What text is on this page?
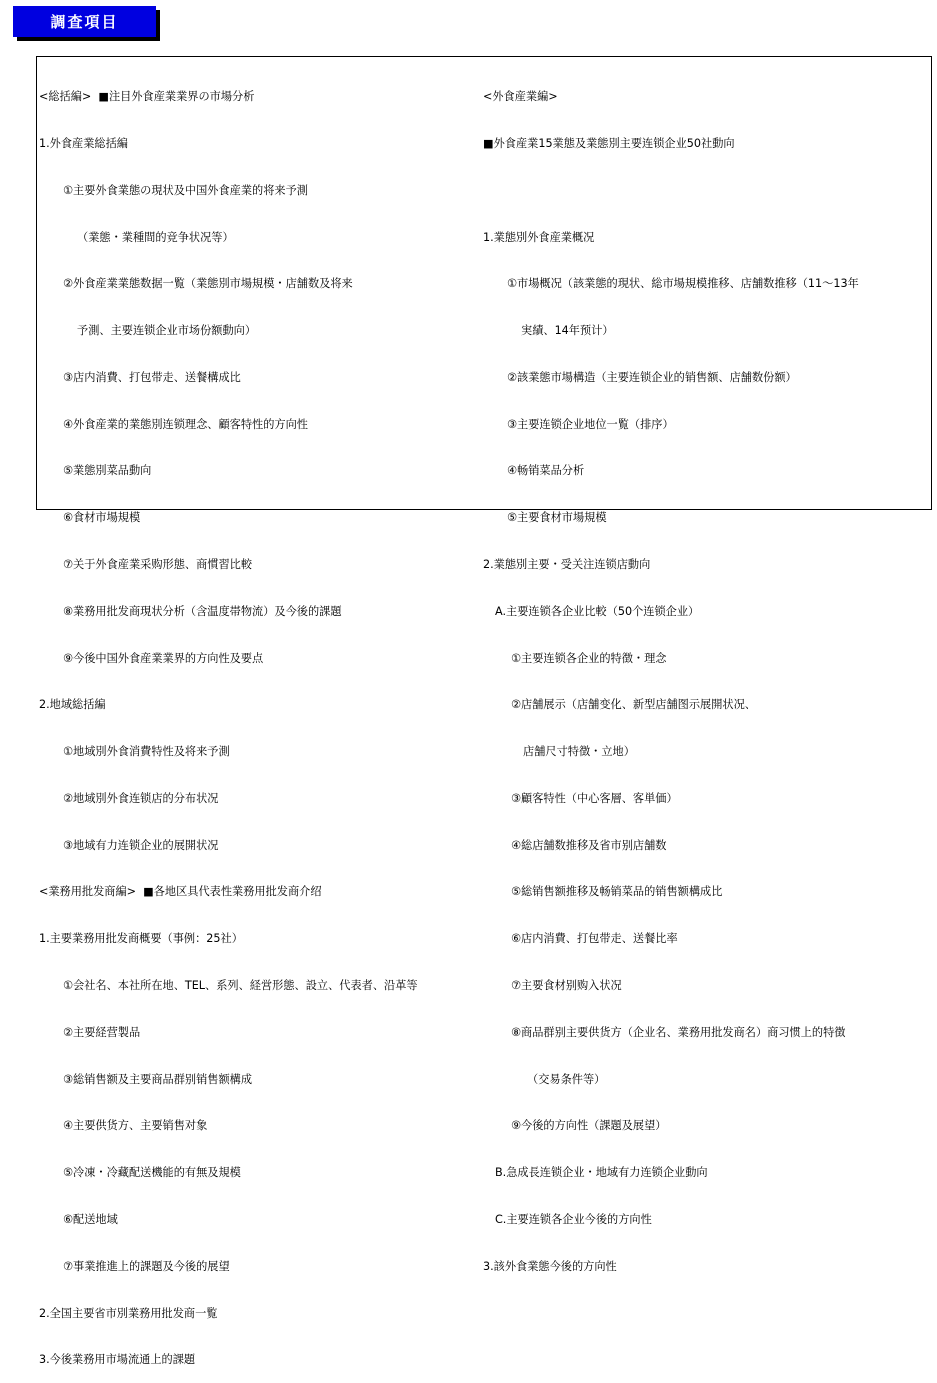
調査項目

<総括編>  ■注目外食産業業界の市場分析

1.外食産業総括編

①主要外食業態の現状及中国外食産業的将来予測

（業態・業種間的竞争状况等）

②外食産業業態数据一覧（業態別市場規模・店舗数及将来

予測、主要连锁企业市场份额動向）

③店内消費、打包带走、送餐構成比

④外食産業的業態別连锁理念、顧客特性的方向性

⑤業態別菜品動向

⑥食材市場規模

⑦关于外食産業采购形態、商慣習比較

⑧業務用批发商現状分析（含温度帯物流）及今後的課題

⑨今後中国外食産業業界的方向性及要点

2.地域総括編

①地域別外食消費特性及将来予測

②地域別外食连锁店的分布状况

③地域有力连锁企业的展開状况

<業務用批发商編>  ■各地区具代表性業務用批发商介绍

1.主要業務用批发商概要（事例：25社）

①会社名、本社所在地、TEL、系列、経営形態、設立、代表者、沿革等

②主要経营製品

③総销售额及主要商品群别销售额構成

④主要供货方、主要销售对象

⑤冷凍・冷藏配送機能的有無及規模

⑥配送地域

⑦事業推進上的課題及今後的展望

2.全国主要省市別業務用批发商一覧

3.今後業務用市場流通上的課題

<外食産業編>

■外食産業15業態及業態別主要连锁企业50社動向

1.業態別外食産業概况

①市場概况（該業態的現状、総市場規模推移、店舗数推移（11～13年

実績、14年预计）

②該業態市場構造（主要连锁企业的销售额、店舗数份额）

③主要连锁企业地位一覧（排序）

④畅销菜品分析

⑤主要食材市場規模

2.業態別主要・受关注连锁店動向

A.主要连锁各企业比較（50个连锁企业）

①主要连锁各企业的特徴・理念

②店舗展示（店舗变化、新型店舗图示展開状况、

店舗尺寸特徴・立地）

③顧客特性（中心客層、客単価）

④総店舗数推移及省市别店舗数

⑤総销售额推移及畅销菜品的销售额構成比

⑥店内消費、打包带走、送餐比率

⑦主要食材别购入状况

⑧商品群别主要供货方（企业名、業務用批发商名）商习惯上的特徴

（交易条件等）

⑨今後的方向性（課題及展望）

B.急成長连锁企业・地域有力连锁企业動向

C.主要连锁各企业今後的方向性

3.該外食業態今後的方向性
